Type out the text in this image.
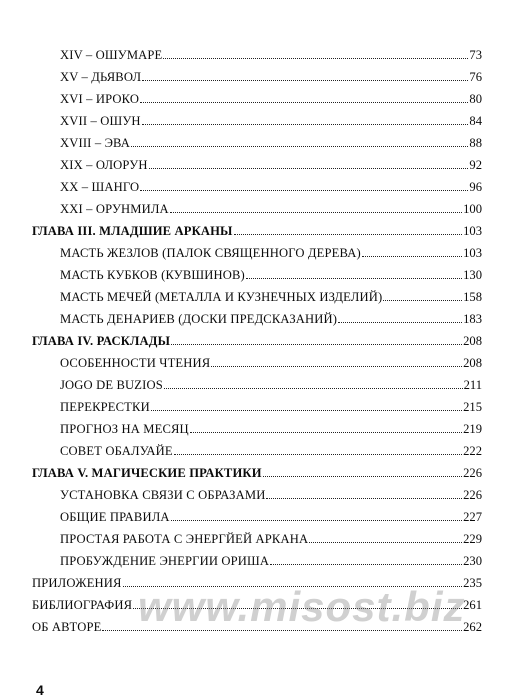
XIV – ОШУМАРЕ	73
XV – ДЬЯВОЛ	76
XVI – ИРОКО	80
XVII – ОШУН	84
XVIII – ЭВА	88
XIX – ОЛОРУН	92
XX – ШАНГО	96
XXI – ОРУНМИЛА	100
ГЛАВА III. МЛАДШИЕ АРКАНЫ	103
МАСТЬ ЖЕЗЛОВ (ПАЛОК СВЯЩЕННОГО ДЕРЕВА)	103
МАСТЬ КУБКОВ (КУВШИНОВ)	130
МАСТЬ МЕЧЕЙ (МЕТАЛЛА И КУЗНЕЧНЫХ ИЗДЕЛИЙ)	158
МАСТЬ ДЕНАРИЕВ (ДОСКИ ПРЕДСКАЗАНИЙ)	183
ГЛАВА IV. РАСКЛАДЫ	208
ОСОБЕННОСТИ ЧТЕНИЯ	208
JOGO DE BUZIOS	211
ПЕРЕКРЕСТКИ	215
ПРОГНОЗ НА МЕСЯЦ	219
СОВЕТ ОБАЛУАЙЕ	222
ГЛАВА V. МАГИЧЕСКИЕ ПРАКТИКИ	226
УСТАНОВКА СВЯЗИ С ОБРАЗАМИ	226
ОБЩИЕ ПРАВИЛА	227
ПРОСТАЯ РАБОТА С ЭНЕРГЙЕЙ АРКАНА	229
ПРОБУЖДЕНИЕ ЭНЕРГИИ ОРИША	230
ПРИЛОЖЕНИЯ	235
БИБЛИОГРАФИЯ	261
ОБ АВТОРЕ	262
www.misost.biz
4
